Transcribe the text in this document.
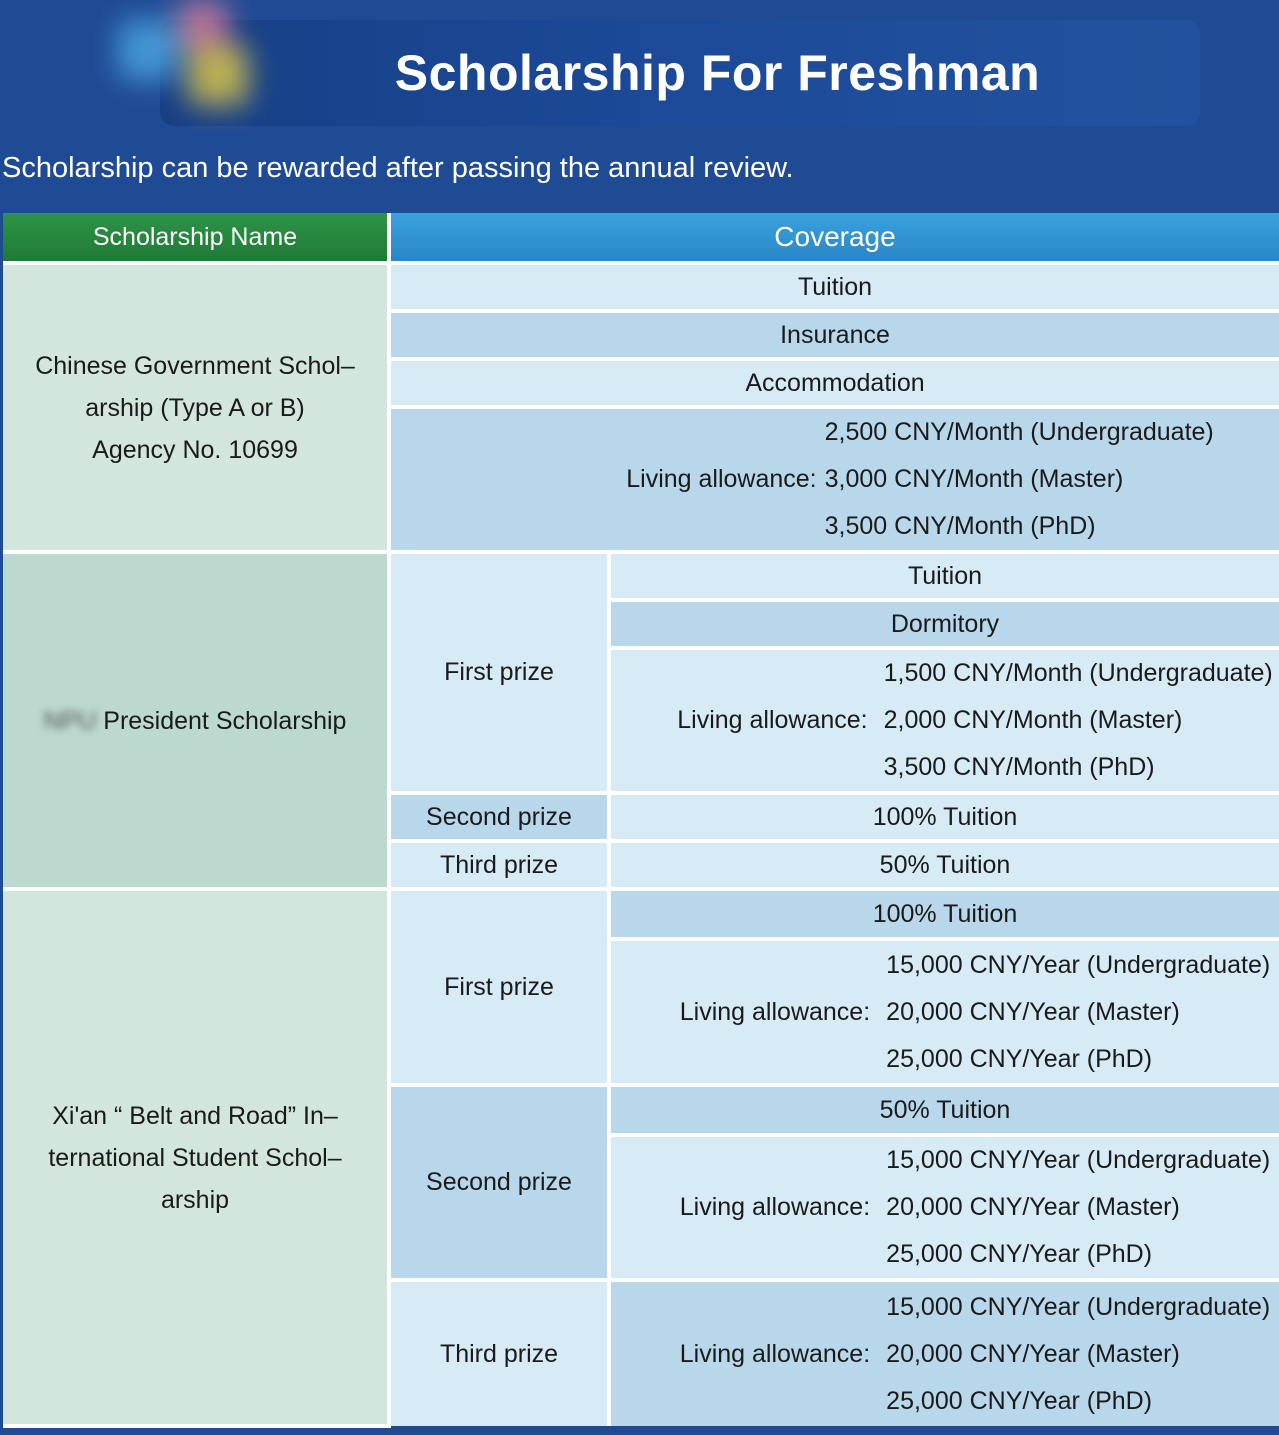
Scholarship For Freshman
Scholarship can be rewarded after passing the annual review.
Scholarship Name	Coverage	

Chinese Government Schol–
arship (Type A or B)
Agency No. 10699	Tuition	
	Insurance	
	Accommodation	

	Living allowance:
2,500 CNY/Month (Undergraduate)
3,000 CNY/Month (Master)
3,500 CNY/Month (PhD)	

NPU President Scholarship	First prize	Tuition
		Dormitory

		Living allowance:
1,500 CNY/Month (Undergraduate)
2,000 CNY/Month (Master)
3,500 CNY/Month (PhD)

	Second prize	100% Tuition
	Third prize	50% Tuition

Xi'an “ Belt and Road” In–
ternational Student Schol–
arship	First prize	100% Tuition

		Living allowance:
15,000 CNY/Year (Undergraduate)
20,000 CNY/Year (Master)
25,000 CNY/Year (PhD)

	Second prize	50% Tuition

		Living allowance:
15,000 CNY/Year (Undergraduate)
20,000 CNY/Year (Master)
25,000 CNY/Year (PhD)

	Third prize	Living allowance:
15,000 CNY/Year (Undergraduate)
20,000 CNY/Year (Master)
25,000 CNY/Year (PhD)
